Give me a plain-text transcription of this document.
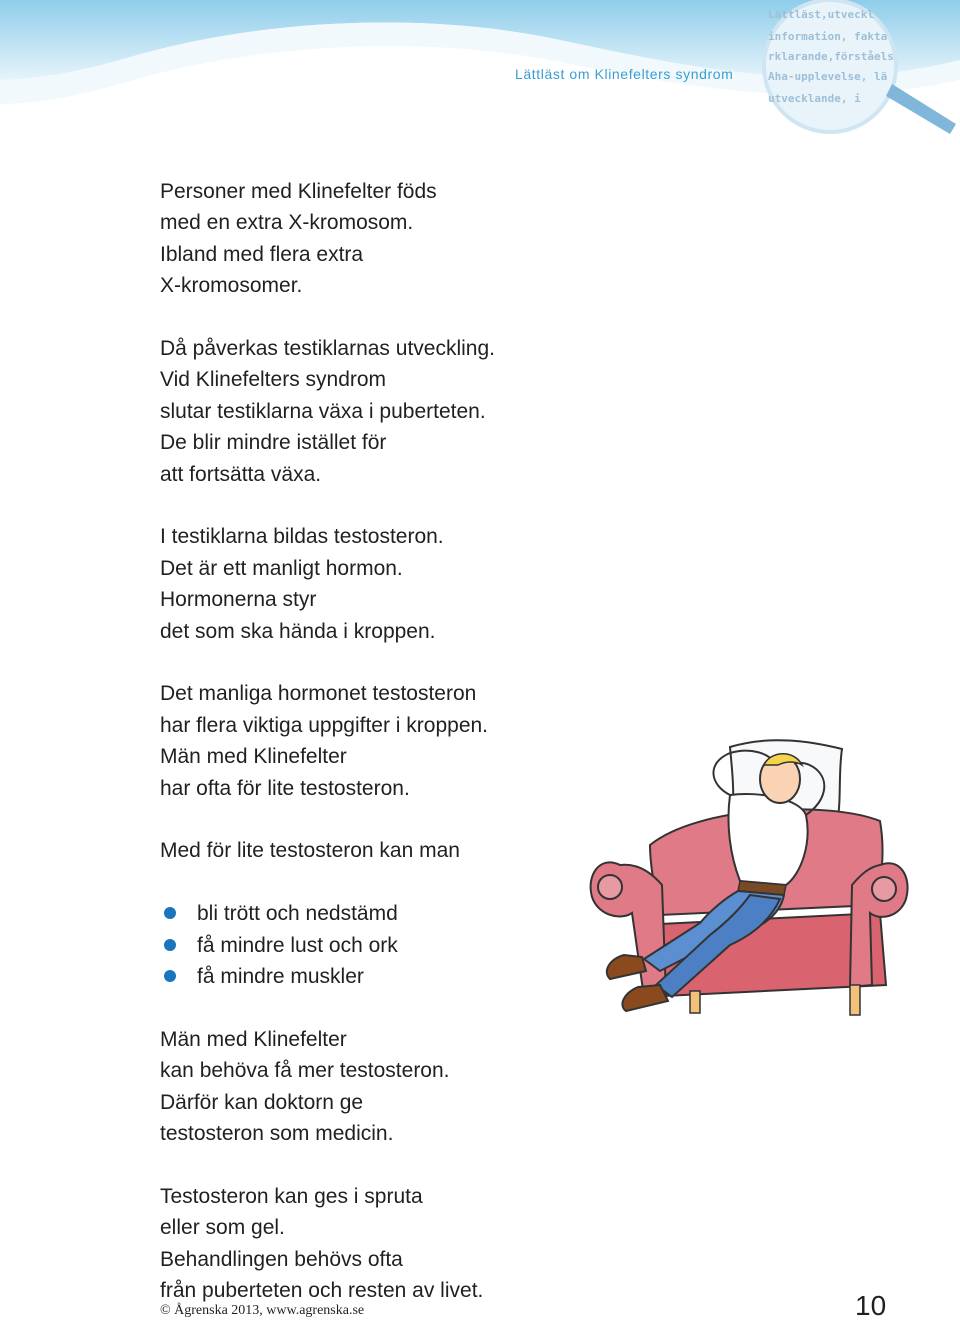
Lättläst om Klinefelters syndrom
Lättläst,utveckl
information, fakta
rklarande,förståels
Aha-upplevelse, lä
utvecklande, i

Personer med Klinefelter föds
med en extra X-kromosom.
Ibland med flera extra
X-kromosomer.

Då påverkas testiklarnas utveckling.
Vid Klinefelters syndrom
slutar testiklarna växa i puberteten.
De blir mindre istället för
att fortsätta växa.

I testiklarna bildas testosteron.
Det är ett manligt hormon.
Hormonerna styr
det som ska hända i kroppen.

Det manliga hormonet testosteron
har flera viktiga uppgifter i kroppen.
Män med Klinefelter
har ofta för lite testosteron.

Med för lite testosteron kan man

bli trött och nedstämd
få mindre lust och ork
få mindre muskler

Män med Klinefelter
kan behöva få mer testosteron.
Därför kan doktorn ge
testosteron som medicin.

Testosteron kan ges i spruta
eller som gel.
Behandlingen behövs ofta
från puberteten och resten av livet.

© Ågrenska 2013, www.agrenska.se	10
